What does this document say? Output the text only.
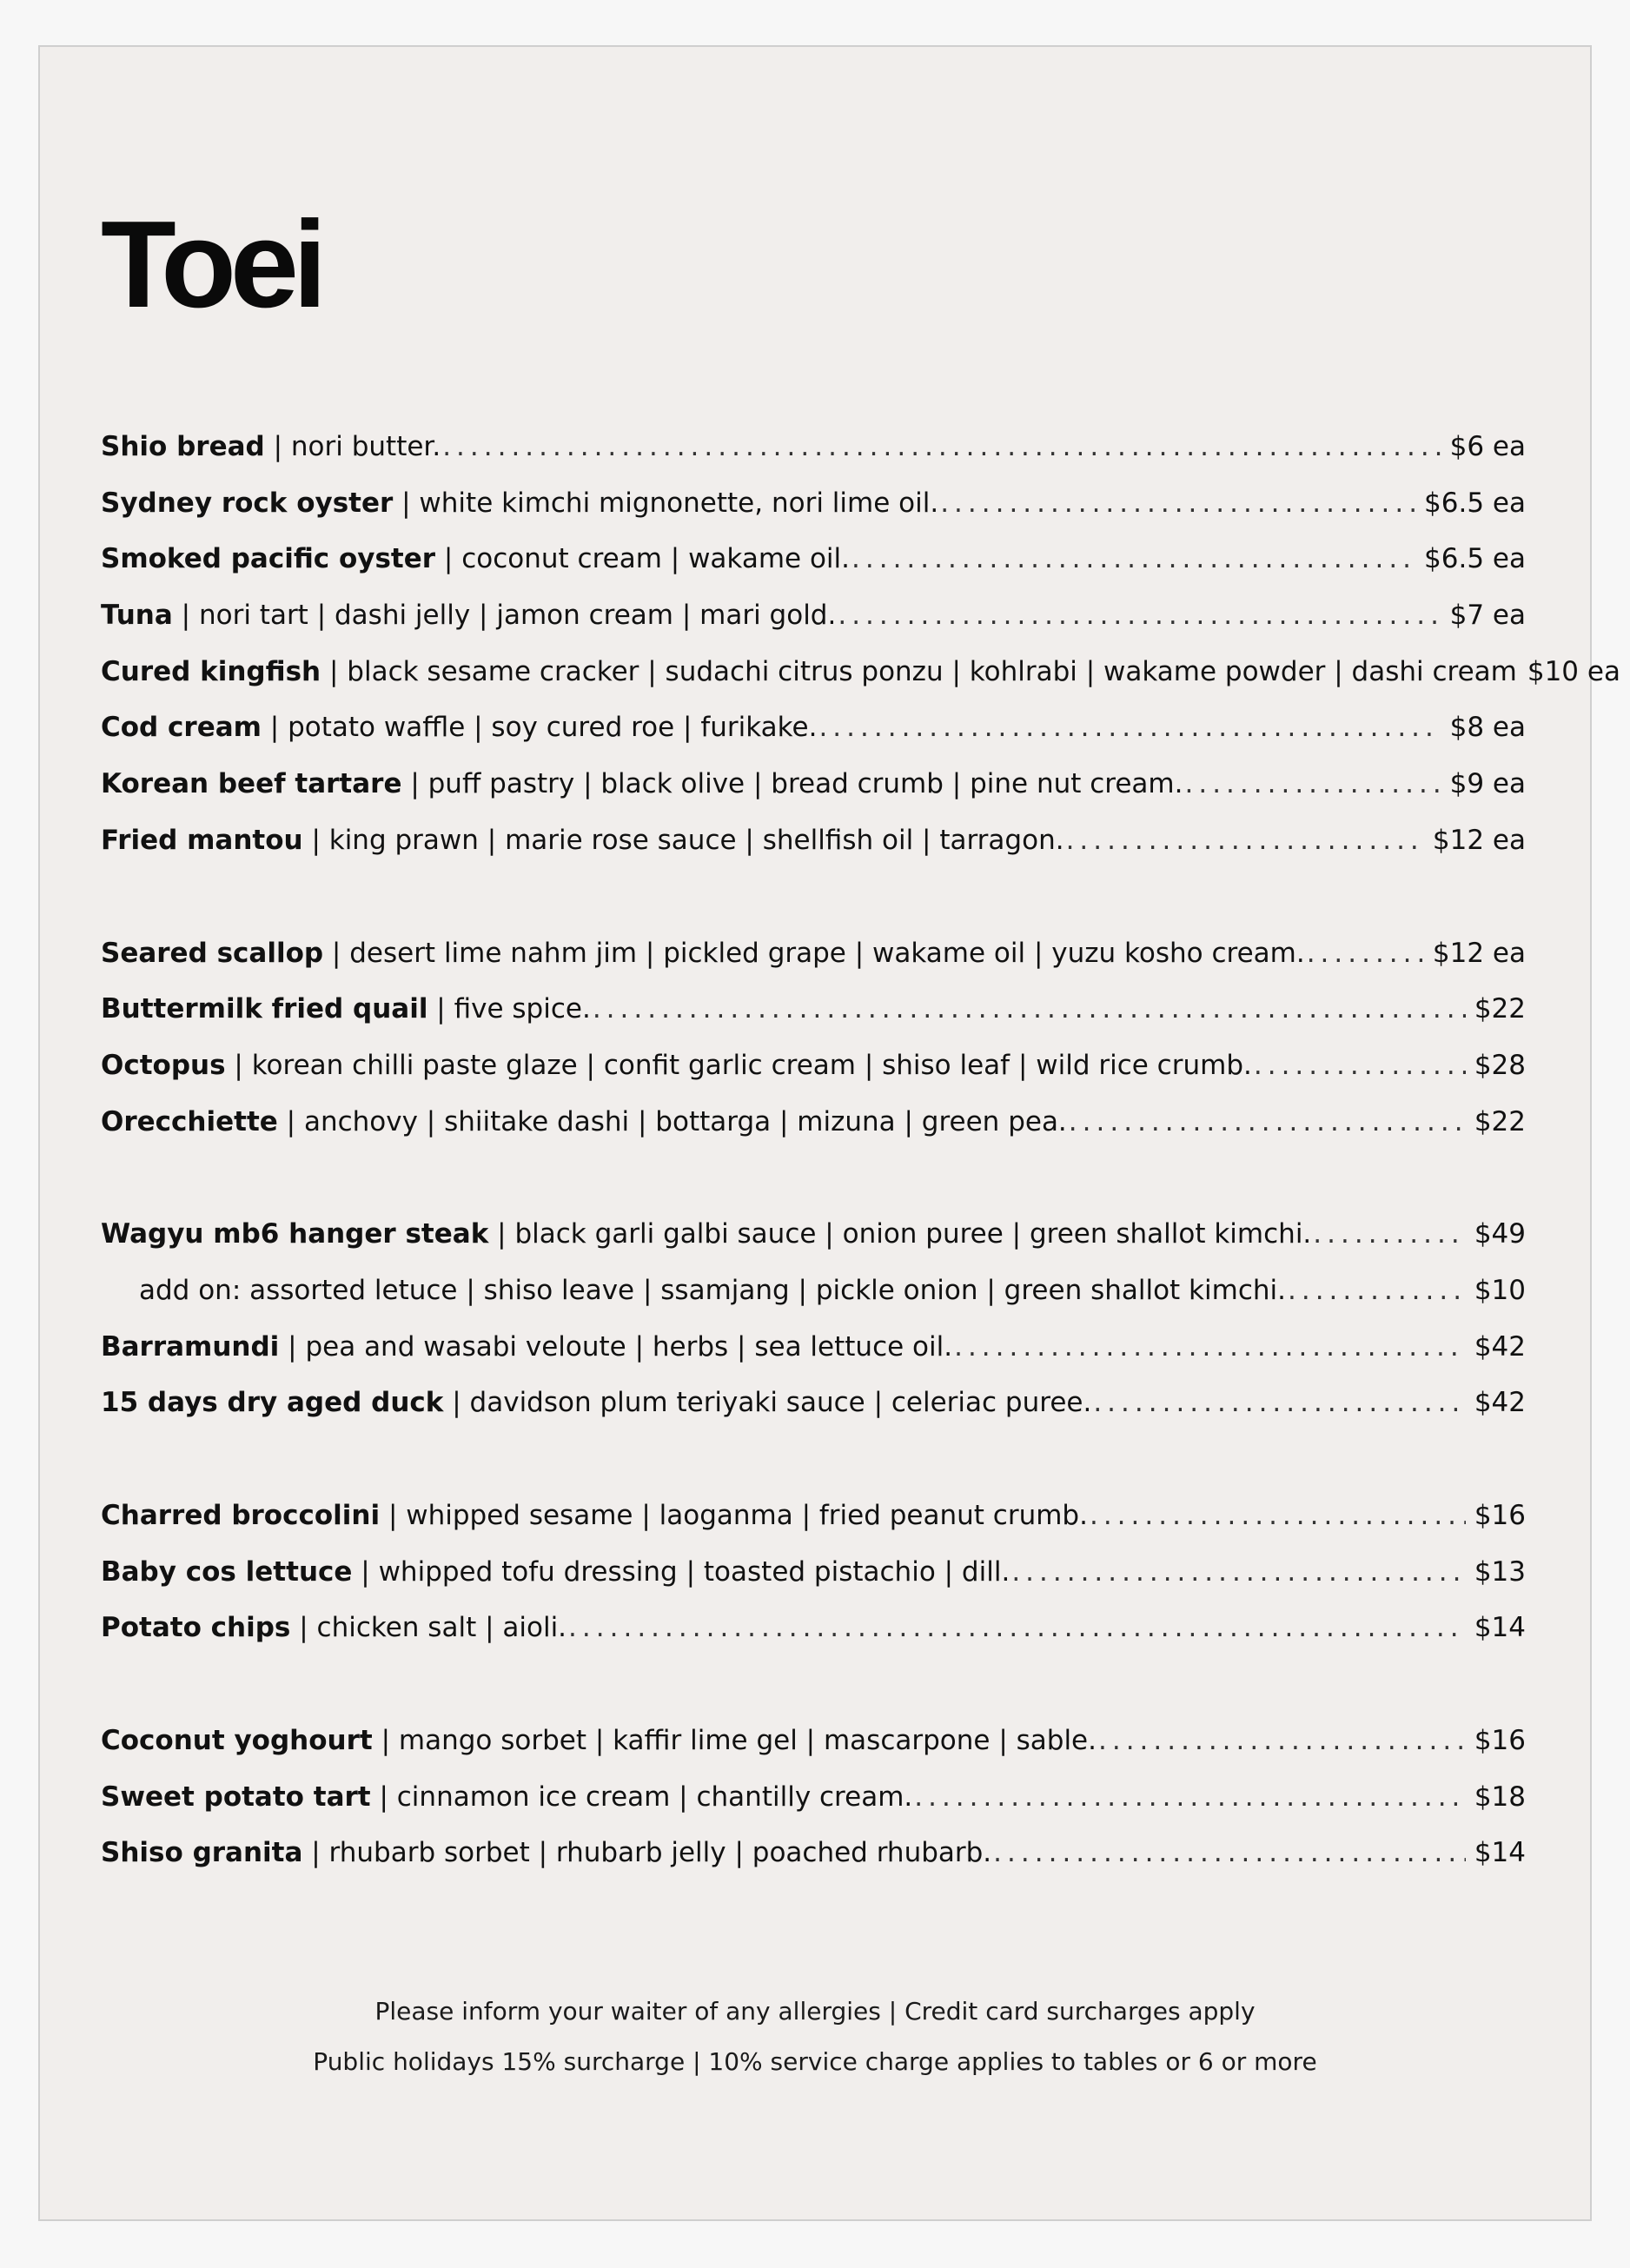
Toei
Shio bread | nori butter. .....	$6 ea
Sydney rock oyster | white kimchi mignonette, nori lime oil. .....	$6.5 ea
Smoked pacific oyster | coconut cream | wakame oil. .....	$6.5 ea
Tuna | nori tart | dashi jelly | jamon cream | mari gold. .....	$7 ea
Cured kingfish | black sesame cracker | sudachi citrus ponzu | kohlrabi | wakame powder | dashi cream $10 ea
Cod cream | potato waffle | soy cured roe | furikake. .....	$8 ea
Korean beef tartare | puff pastry | black olive | bread crumb | pine nut cream. .....	$9 ea
Fried mantou | king prawn | marie rose sauce | shellfish oil | tarragon. .....	$12 ea
Seared scallop | desert lime nahm jim | pickled grape | wakame oil | yuzu kosho cream. .....	$12 ea
Buttermilk fried quail | five spice. .....	$22
Octopus | korean chilli paste glaze | confit garlic cream | shiso leaf | wild rice crumb. .....	$28
Orecchiette | anchovy | shiitake dashi | bottarga | mizuna | green pea. .....	$22
Wagyu mb6 hanger steak | black garli galbi sauce | onion puree | green shallot kimchi. .....	$49
add on: assorted letuce | shiso leave | ssamjang | pickle onion | green shallot kimchi. .....	$10
Barramundi | pea and wasabi veloute | herbs | sea lettuce oil. .....	$42
15 days dry aged duck | davidson plum teriyaki sauce | celeriac puree. .....	$42
Charred broccolini | whipped sesame | laoganma | fried peanut crumb. .....	$16
Baby cos lettuce | whipped tofu dressing | toasted pistachio | dill. .....	$13
Potato chips | chicken salt | aioli. .....	$14
Coconut yoghourt | mango sorbet | kaffir lime gel | mascarpone | sable. .....	$16
Sweet potato tart | cinnamon ice cream | chantilly cream. .....	$18
Shiso granita | rhubarb sorbet | rhubarb jelly | poached rhubarb. .....	$14
Please inform your waiter of any allergies | Credit card surcharges apply
Public holidays 15% surcharge | 10% service charge applies to tables or 6 or more
